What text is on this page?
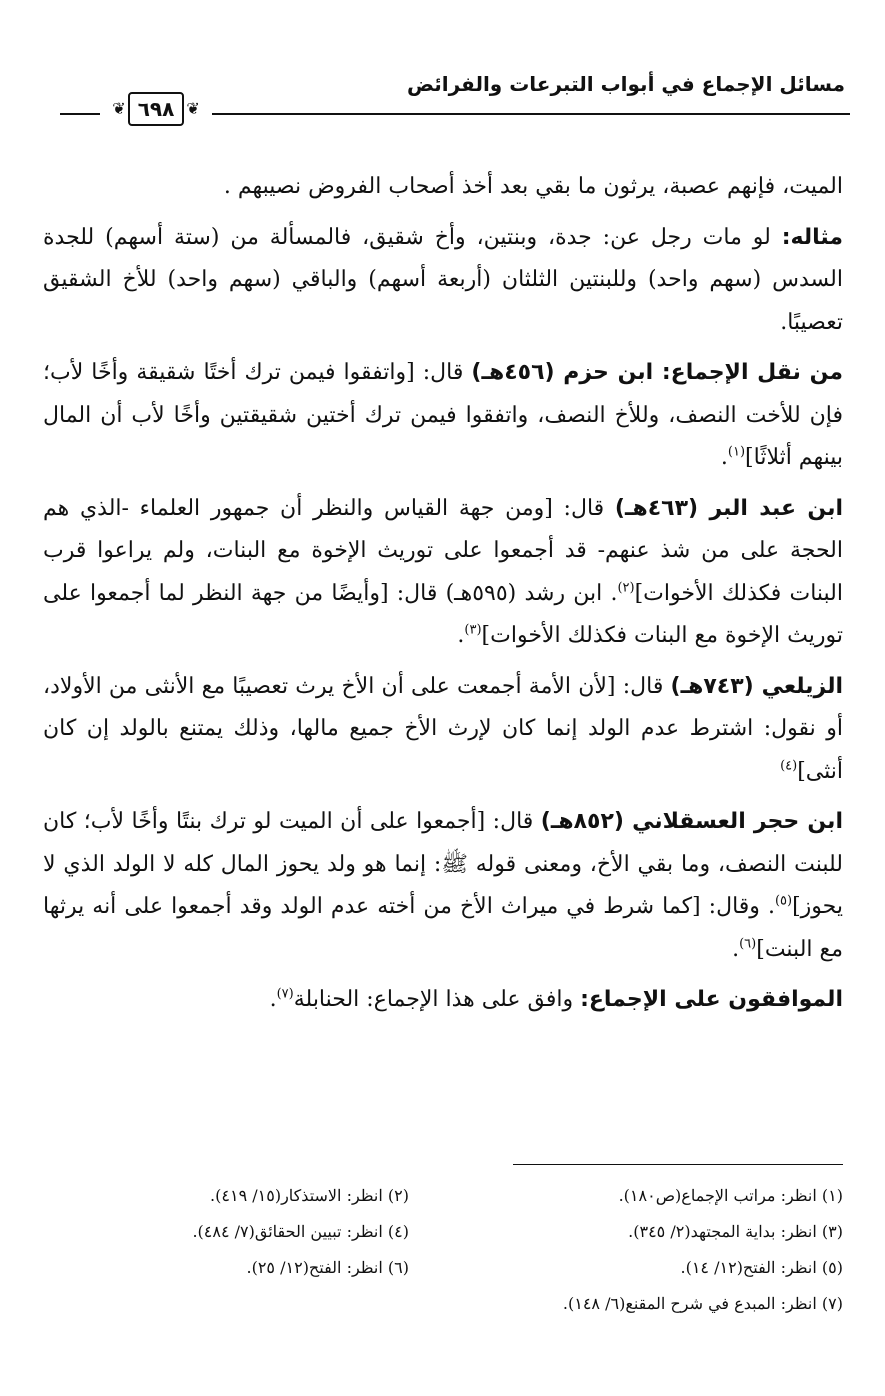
مسائل الإجماع في أبواب التبرعات والفرائض
❦
٦٩٨
❦

الميت، فإنهم عصبة، يرثون ما بقي بعد أخذ أصحاب الفروض نصيبهم .

مثاله: لو مات رجل عن: جدة، وبنتين، وأخ شقيق، فالمسألة من (ستة أسهم) للجدة السدس (سهم واحد) وللبنتين الثلثان (أربعة أسهم) والباقي (سهم واحد) للأخ الشقيق تعصيبًا.

من نقل الإجماع: ابن حزم (٤٥٦هـ) قال: [واتفقوا فيمن ترك أختًا شقيقة وأخًا لأب؛ فإن للأخت النصف، وللأخ النصف، واتفقوا فيمن ترك أختين شقيقتين وأخًا لأب أن المال بينهم أثلاثًا]$^{(١)}$.

ابن عبد البر (٤٦٣هـ) قال: [ومن جهة القياس والنظر أن جمهور العلماء -الذي هم الحجة على من شذ عنهم- قد أجمعوا على توريث الإخوة مع البنات، ولم يراعوا قرب البنات فكذلك الأخوات]$^{(٢)}$. ابن رشد (٥٩٥هـ) قال: [وأيضًا من جهة النظر لما أجمعوا على توريث الإخوة مع البنات فكذلك الأخوات]$^{(٣)}$.

الزيلعي (٧٤٣هـ) قال: [لأن الأمة أجمعت على أن الأخ يرث تعصيبًا مع الأنثى من الأولاد، أو نقول: اشترط عدم الولد إنما كان لإرث الأخ جميع مالها، وذلك يمتنع بالولد إن كان أنثى]$^{(٤)}$

ابن حجر العسقلاني (٨٥٢هـ) قال: [أجمعوا على أن الميت لو ترك بنتًا وأخًا لأب؛ كان للبنت النصف، وما بقي الأخ، ومعنى قوله ﷺ: إنما هو ولد يحوز المال كله لا الولد الذي لا يحوز]$^{(٥)}$. وقال: [كما شرط في ميراث الأخ من أخته عدم الولد وقد أجمعوا على أنه يرثها مع البنت]$^{(٦)}$.

الموافقون على الإجماع: وافق على هذا الإجماع: الحنابلة$^{(٧)}$.

(١) انظر: مراتب الإجماع(ص١٨٠).
(٢) انظر: الاستذكار(١٥/ ٤١٩).
(٣) انظر: بداية المجتهد(٢/ ٣٤٥).
(٤) انظر: تبيين الحقائق(٧/ ٤٨٤).
(٥) انظر: الفتح(١٢/ ١٤).
(٦) انظر: الفتح(١٢/ ٢٥).
(٧) انظر: المبدع في شرح المقنع(٦/ ١٤٨).
